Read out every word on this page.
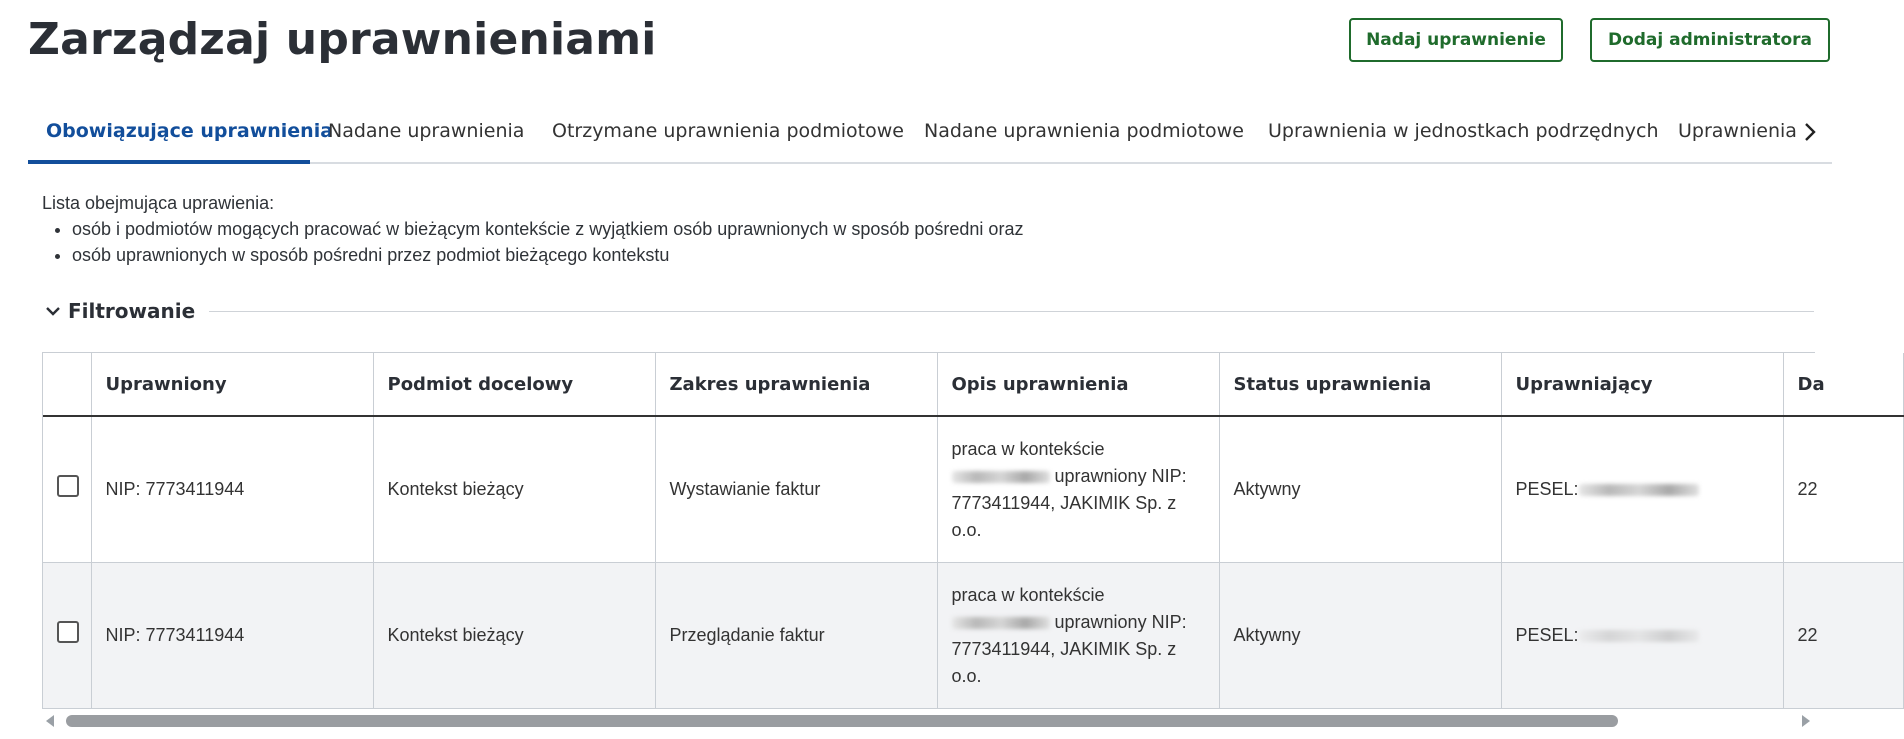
Zarządzaj uprawnieniami	Nadaj uprawnienie	Dodaj administratora
Obowiązujące uprawnienia
Nadane uprawnienia Otrzymane uprawnienia podmiotowe Nadane uprawnienia podmiotowe Uprawnienia w jednostkach podrzędnych Uprawnienia
Lista obejmująca uprawienia:
• osób i podmiotów mogących pracować w bieżącym kontekście z wyjątkiem osób uprawnionych w sposób pośredni oraz
• osób uprawnionych w sposób pośredni przez podmiot bieżącego kontekstu
Filtrowanie
	Uprawniony	Podmiot docelowy	Zakres uprawnienia	Opis uprawnienia	Status uprawnienia	Uprawniający	Da
	NIP: 7773411944	Kontekst bieżący	Wystawianie faktur	praca w kontekście
uprawniony NIP: 7773411944, JAKIMIK Sp. z o.o.	Aktywny	PESEL:	22
	NIP: 7773411944	Kontekst bieżący	Przeglądanie faktur	praca w kontekście
uprawniony NIP: 7773411944, JAKIMIK Sp. z o.o.	Aktywny	PESEL:	22
